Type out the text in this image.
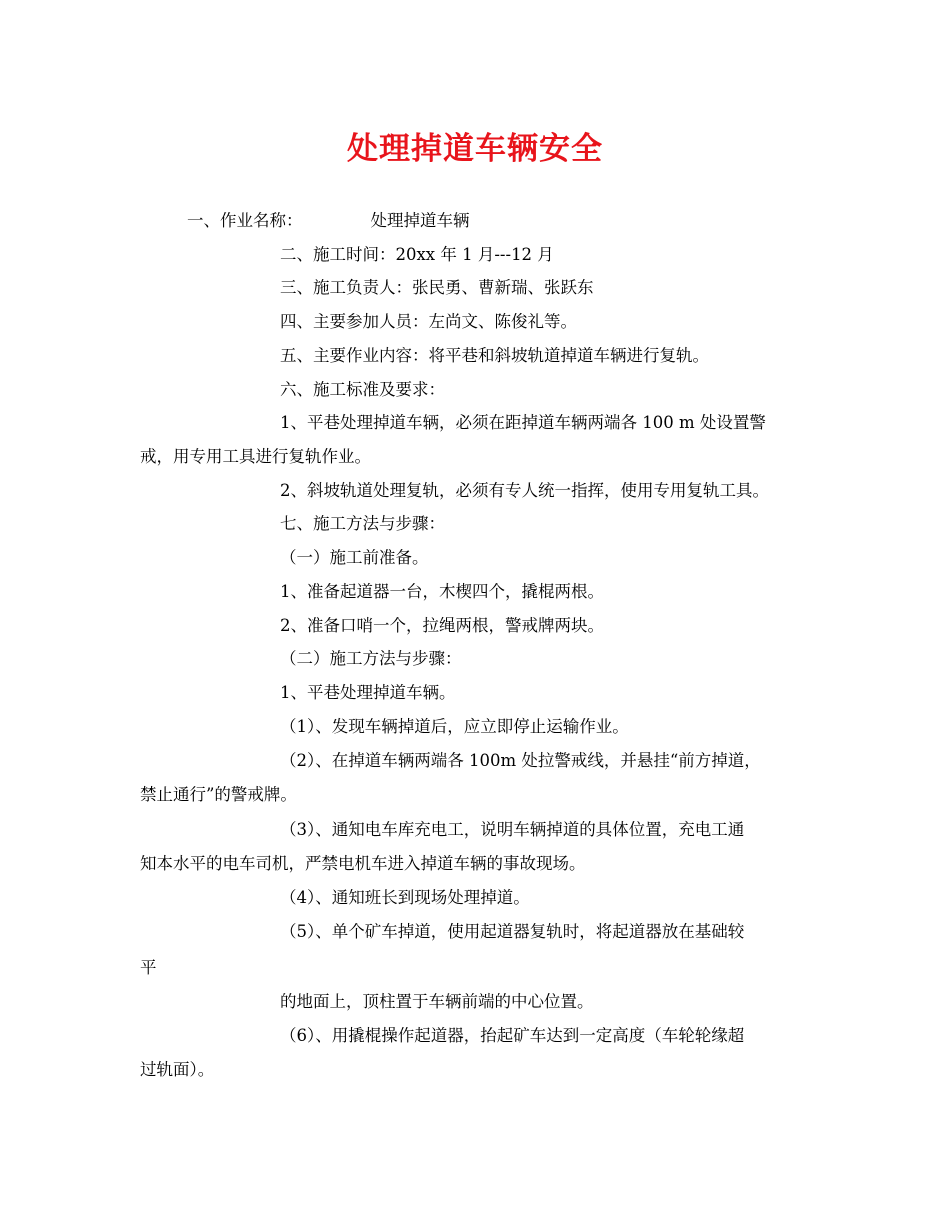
处理掉道车辆安全
一、作业名称：	处理掉道车辆
二、施工时间：20xx 年 1 月---12 月
三、施工负责人：张民勇、曹新瑞、张跃东
四、主要参加人员：左尚文、陈俊礼等。
五、主要作业内容：将平巷和斜坡轨道掉道车辆进行复轨。
六、施工标准及要求：
1、平巷处理掉道车辆，必须在距掉道车辆两端各 100 m 处设置警
戒，用专用工具进行复轨作业。
2、斜坡轨道处理复轨，必须有专人统一指挥，使用专用复轨工具。
七、施工方法与步骤：
（一）施工前准备。
1、准备起道器一台，木楔四个，撬棍两根。
2、准备口哨一个，拉绳两根，警戒牌两块。
（二）施工方法与步骤：
1、平巷处理掉道车辆。
（1）、发现车辆掉道后，应立即停止运输作业。
（2）、在掉道车辆两端各 100m 处拉警戒线，并悬挂“前方掉道，
禁止通行”的警戒牌。
（3）、通知电车库充电工，说明车辆掉道的具体位置，充电工通
知本水平的电车司机，严禁电机车进入掉道车辆的事故现场。
（4）、通知班长到现场处理掉道。
（5）、单个矿车掉道，使用起道器复轨时，将起道器放在基础较
平
的地面上，顶柱置于车辆前端的中心位置。
（6）、用撬棍操作起道器，抬起矿车达到一定高度（车轮轮缘超
过轨面）。
